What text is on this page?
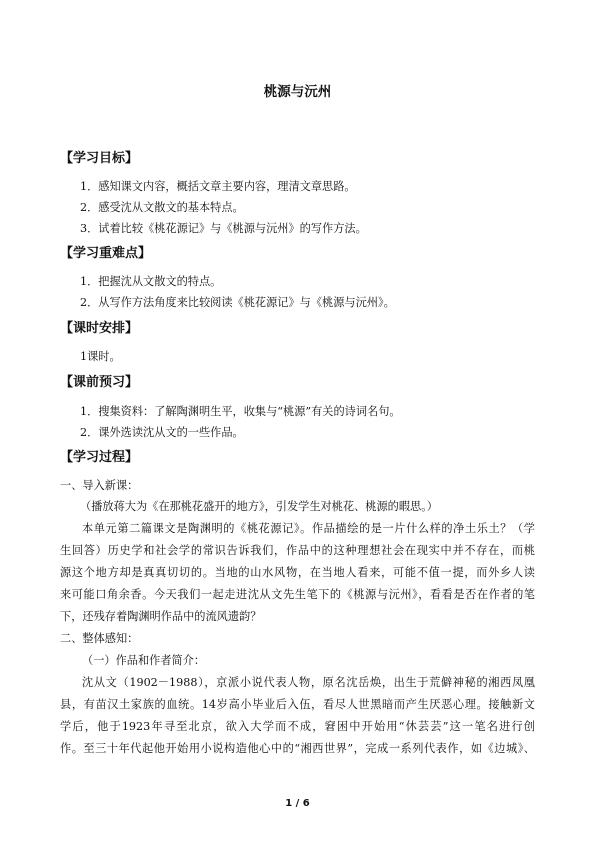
桃源与沅州
【学习目标】
1．感知课文内容，概括文章主要内容，理清文章思路。
2．感受沈从文散文的基本特点。
3．试着比较《桃花源记》与《桃源与沅州》的写作方法。
【学习重难点】
1．把握沈从文散文的特点。
2．从写作方法角度来比较阅读《桃花源记》与《桃源与沅州》。
【课时安排】
1课时。
【课前预习】
1．搜集资料：了解陶渊明生平，收集与“桃源”有关的诗词名句。
2．课外选读沈从文的一些作品。
【学习过程】
一、导入新课：
（播放蒋大为《在那桃花盛开的地方》，引发学生对桃花、桃源的暇思。）
本单元第二篇课文是陶渊明的《桃花源记》。作品描绘的是一片什么样的净土乐土？（学
生回答）历史学和社会学的常识告诉我们，作品中的这种理想社会在现实中并不存在，而桃
源这个地方却是真真切切的。当地的山水风物，在当地人看来，可能不值一提，而外乡人读
来可能口角余香。今天我们一起走进沈从文先生笔下的《桃源与沅州》，看看是否在作者的笔
下，还残存着陶渊明作品中的流风遗韵？
二、整体感知：
（一）作品和作者简介：
沈从文（1902－1988），京派小说代表人物，原名沈岳焕，出生于荒僻神秘的湘西凤凰
县，有苗汉土家族的血统。14岁高小毕业后入伍，看尽人世黑暗而产生厌恶心理。接触新文
学后，他于1923年寻至北京，欲入大学而不成，窘困中开始用“休芸芸”这一笔名进行创
作。至三十年代起他开始用小说构造他心中的“湘西世界”，完成一系列代表作，如《边城》、
1 / 6
